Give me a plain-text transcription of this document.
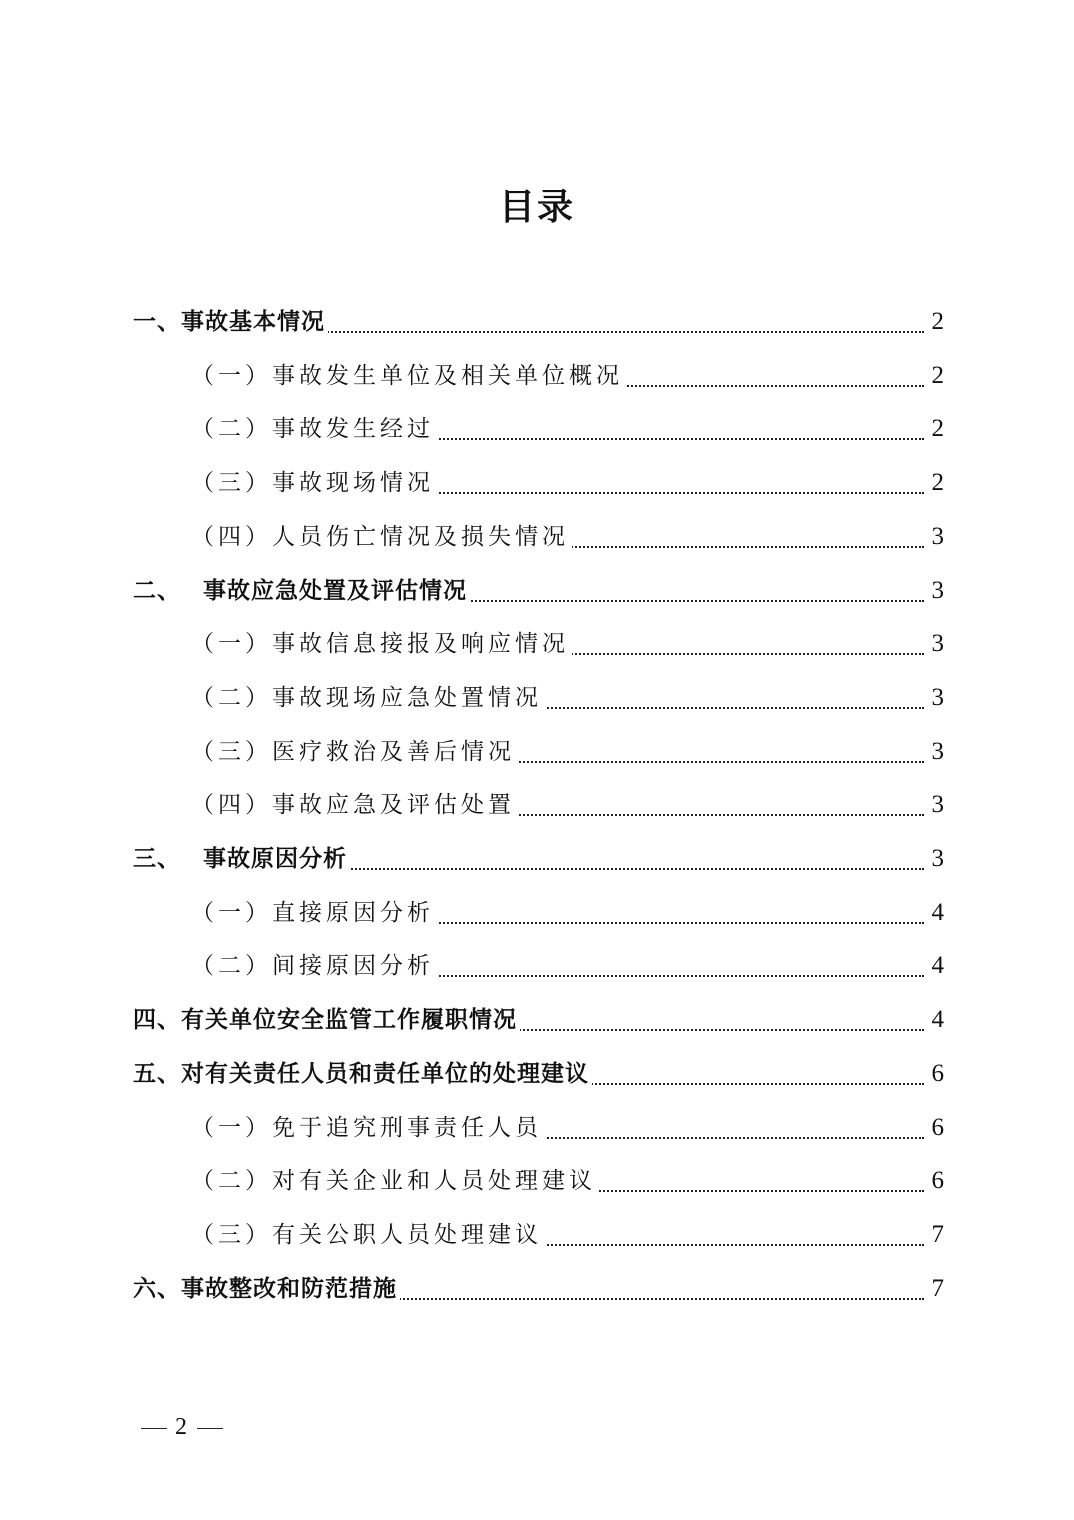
目录
一、事故基本情况	2
（一）事故发生单位及相关单位概况	2
（二）事故发生经过	2
（三）事故现场情况	2
（四）人员伤亡情况及损失情况	3
二、 事故应急处置及评估情况	3
（一）事故信息接报及响应情况	3
（二）事故现场应急处置情况	3
（三）医疗救治及善后情况	3
（四）事故应急及评估处置	3
三、 事故原因分析	3
（一）直接原因分析	4
（二）间接原因分析	4
四、有关单位安全监管工作履职情况	4
五、对有关责任人员和责任单位的处理建议	6
（一）免于追究刑事责任人员	6
（二）对有关企业和人员处理建议	6
（三）有关公职人员处理建议	7
六、事故整改和防范措施	7
2
